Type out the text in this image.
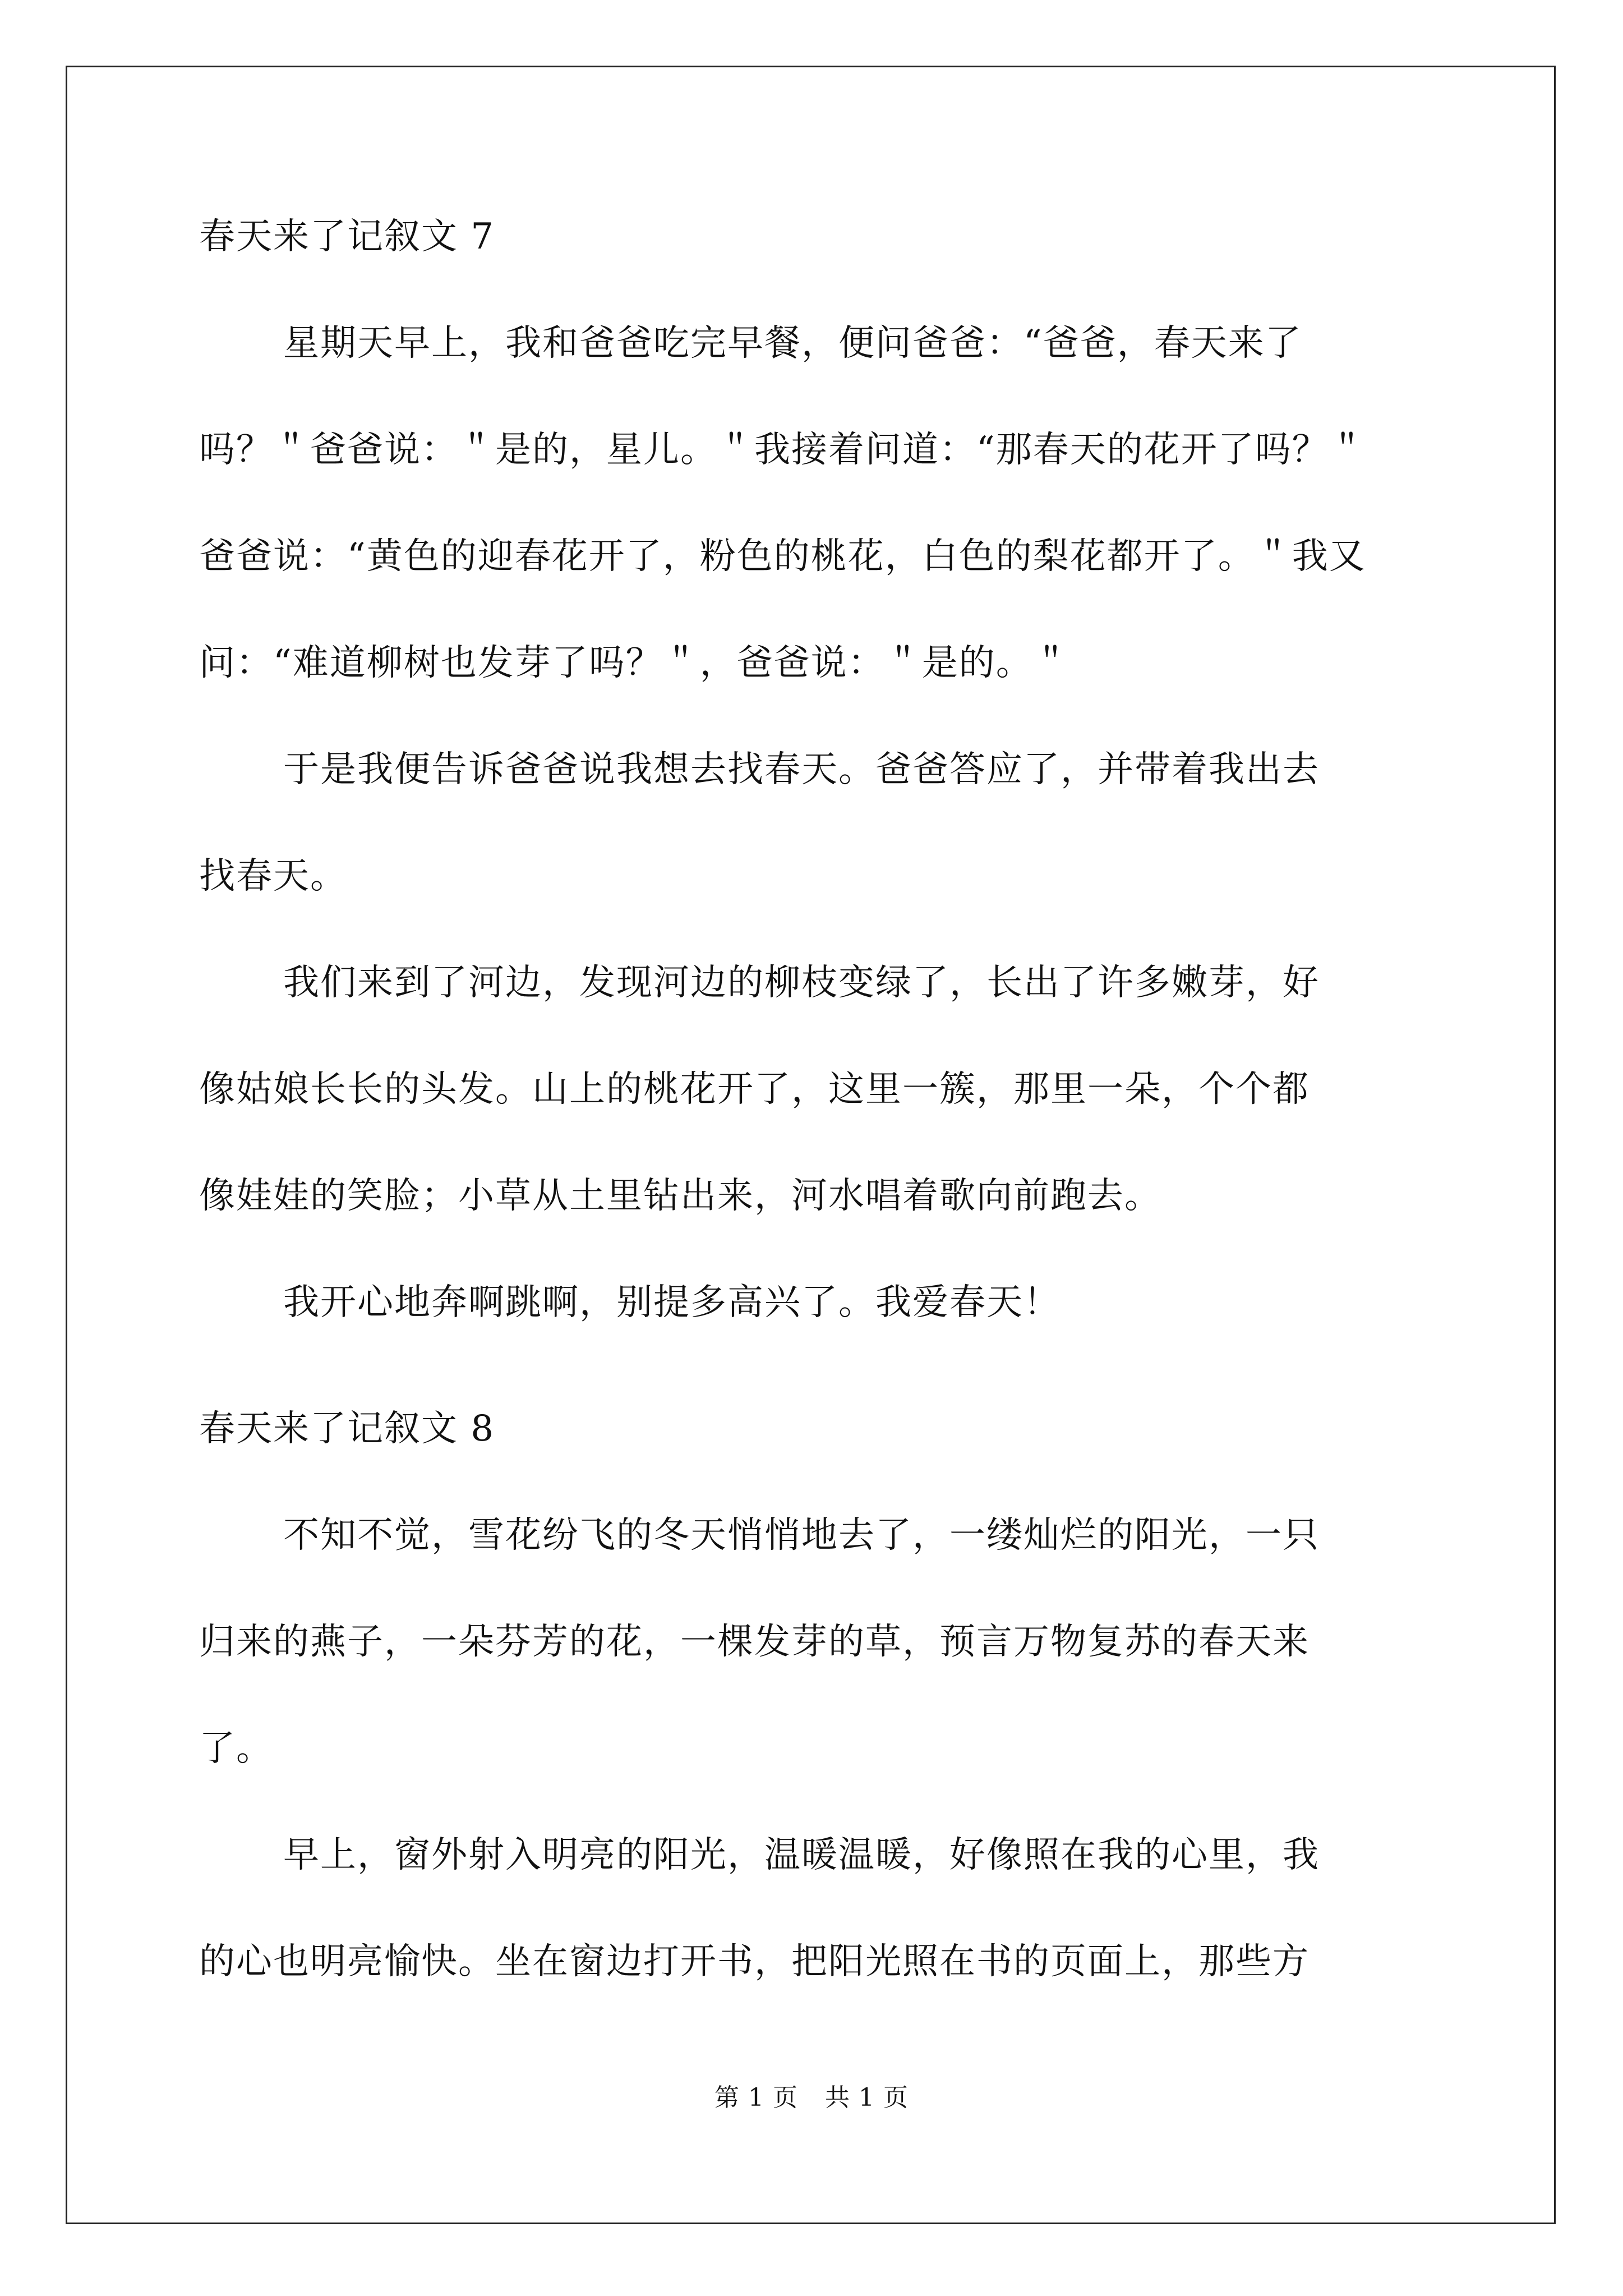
春天来了记叙文 7

星期天早上，我和爸爸吃完早餐，便问爸爸：“爸爸，春天来了

吗？＂爸爸说：＂是的，星儿。＂我接着问道：“那春天的花开了吗？＂

爸爸说：“黄色的迎春花开了，粉色的桃花，白色的梨花都开了。＂我又

问：“难道柳树也发芽了吗？＂，爸爸说：＂是的。＂

于是我便告诉爸爸说我想去找春天。爸爸答应了，并带着我出去

找春天。

我们来到了河边，发现河边的柳枝变绿了，长出了许多嫩芽，好

像姑娘长长的头发。山上的桃花开了，这里一簇，那里一朵，个个都

像娃娃的笑脸；小草从土里钻出来，河水唱着歌向前跑去。

我开心地奔啊跳啊，别提多高兴了。我爱春天！

春天来了记叙文 8

不知不觉，雪花纷飞的冬天悄悄地去了，一缕灿烂的阳光，一只

归来的燕子，一朵芬芳的花，一棵发芽的草，预言万物复苏的春天来

了。

早上，窗外射入明亮的阳光，温暖温暖，好像照在我的心里，我

的心也明亮愉快。坐在窗边打开书，把阳光照在书的页面上，那些方

第 1 页 共 1 页
